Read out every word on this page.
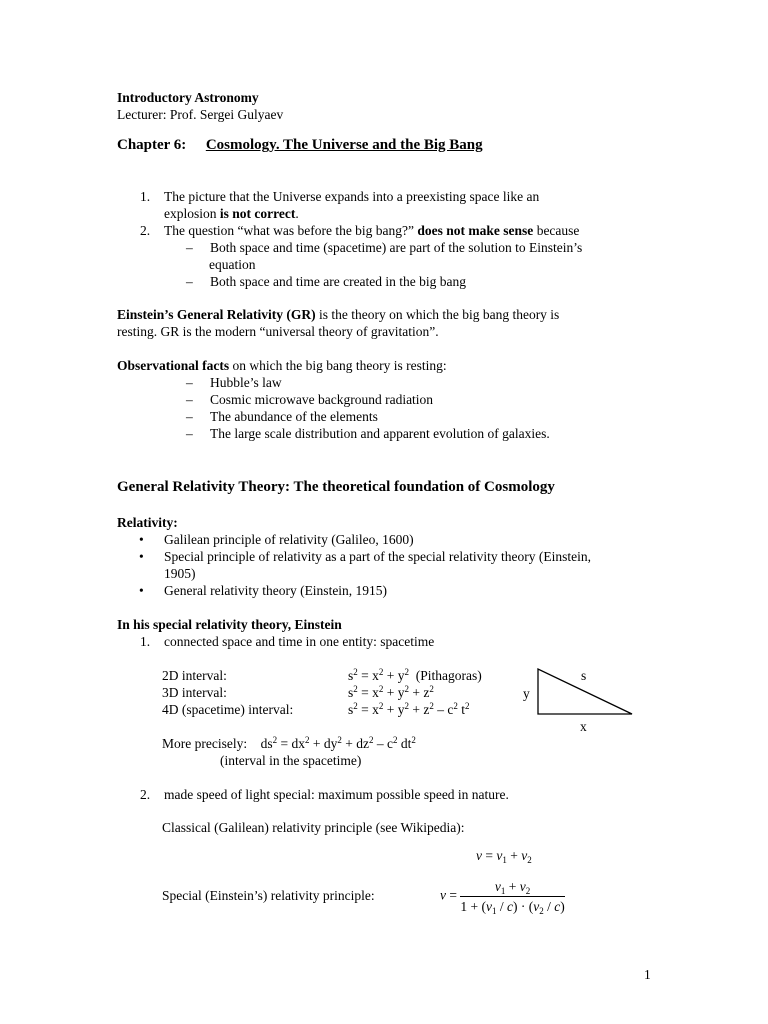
Introductory Astronomy
Lecturer: Prof. Sergei Gulyaev
Chapter 6: Cosmology. The Universe and the Big Bang
1. The picture that the Universe expands into a preexisting space like an
explosion is not correct.
2. The question “what was before the big bang?” does not make sense because
– Both space and time (spacetime) are part of the solution to Einstein’s
equation
– Both space and time are created in the big bang
Einstein’s General Relativity (GR) is the theory on which the big bang theory is
resting. GR is the modern “universal theory of gravitation”.
Observational facts on which the big bang theory is resting:
– Hubble’s law
– Cosmic microwave background radiation
– The abundance of the elements
– The large scale distribution and apparent evolution of galaxies.
General Relativity Theory: The theoretical foundation of Cosmology
Relativity:
• Galilean principle of relativity (Galileo, 1600)
• Special principle of relativity as a part of the special relativity theory (Einstein,
1905)
• General relativity theory (Einstein, 1915)
In his special relativity theory, Einstein
1. connected space and time in one entity: spacetime
2D interval:	$s^2 = x^2 + y^2$ (Pithagoras)
3D interval:	$s^2 = x^2 + y^2 + z^2$
4D (spacetime) interval:	$s^2 = x^2 + y^2 + z^2 - c^2$ $t^2$
s
y
x
More precisely:    $ds^2 = dx^2 + dy^2 + dz^2 - c^2$ $dt^2$
(interval in the spacetime)
2. made speed of light special: maximum possible speed in nature.
Classical (Galilean) relativity principle (see Wikipedia):
$v = v_1 + v_2$
Special (Einstein’s) relativity principle:	$v = \frac{v_1 + v_2}{1 + (v_1 / c) \cdot (v_2 / c)}$
1
